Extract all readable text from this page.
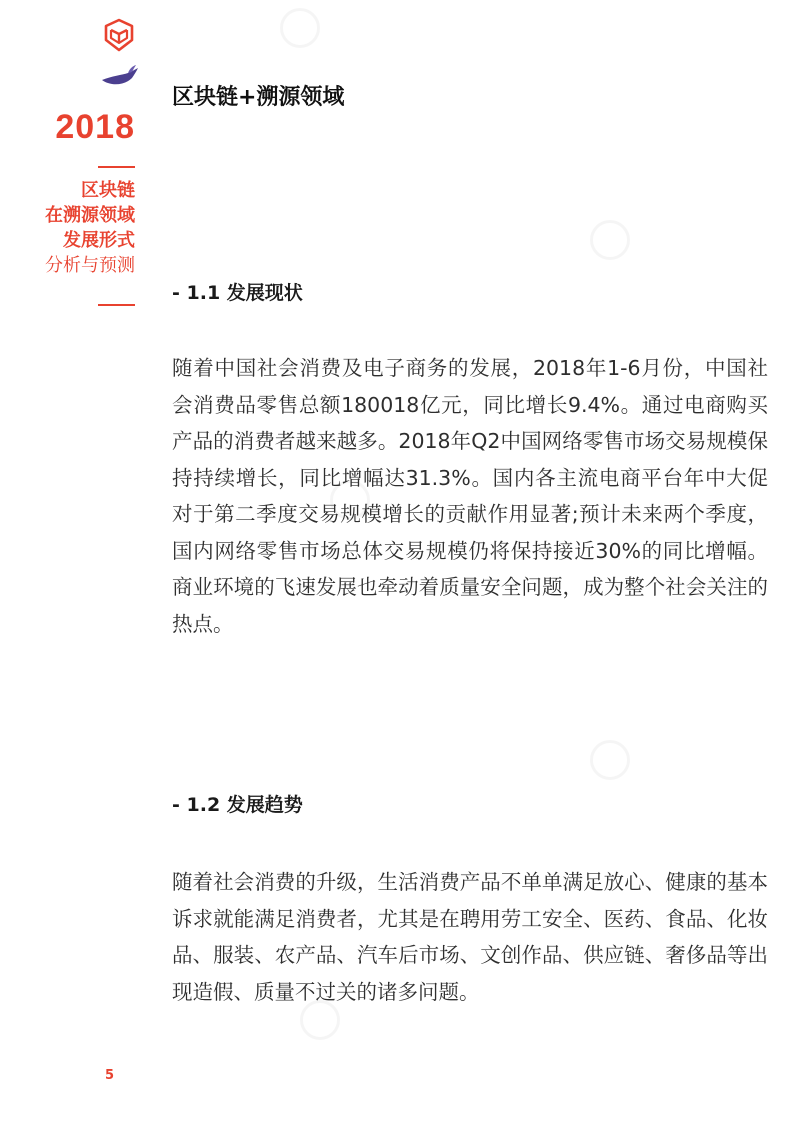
2018
区块链
在溯源领域
发展形式
分析与预测
5
区块链+溯源领域
- 1.1 发展现状
随着中国社会消费及电子商务的发展，2018年1-6月份，中国社会消费品零售总额180018亿元，同比增长9.4%。通过电商购买产品的消费者越来越多。2018年Q2中国网络零售市场交易规模保持持续增长，同比增幅达31.3%。国内各主流电商平台年中大促对于第二季度交易规模增长的贡献作用显著;预计未来两个季度，国内网络零售市场总体交易规模仍将保持接近30%的同比增幅。商业环境的飞速发展也牵动着质量安全问题，成为整个社会关注的热点。
- 1.2 发展趋势
随着社会消费的升级，生活消费产品不单单满足放心、健康的基本诉求就能满足消费者，尤其是在聘用劳工安全、医药、食品、化妆品、服装、农产品、汽车后市场、文创作品、供应链、奢侈品等出现造假、质量不过关的诸多问题。
